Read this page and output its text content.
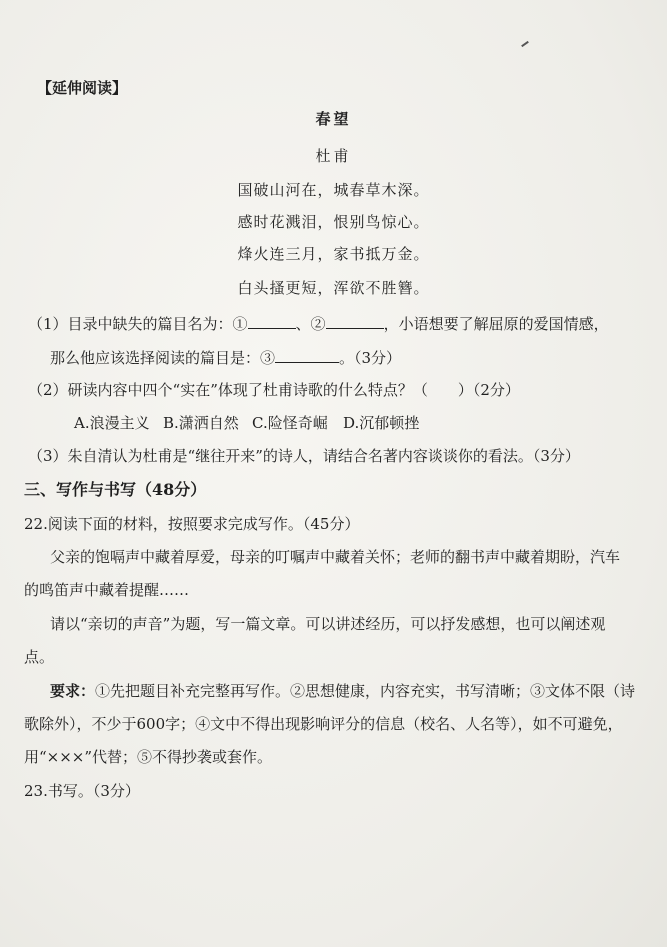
【延伸阅读】
春望
杜甫
国破山河在，城春草木深。
感时花溅泪，恨别鸟惊心。
烽火连三月，家书抵万金。
白头搔更短，浑欲不胜簪。
（1）目录中缺失的篇目名为：①	、②	，小语想要了解屈原的爱国情感，
那么他应该选择阅读的篇目是：③	。（3分）
（2）研读内容中四个“实在”体现了杜甫诗歌的什么特点？（　　）（2分）
A.浪漫主义 B.潇洒自然 C.险怪奇崛 D.沉郁顿挫
（3）朱自清认为杜甫是“继往开来”的诗人，请结合名著内容谈谈你的看法。（3分）
三、写作与书写（48分）
22.阅读下面的材料，按照要求完成写作。（45分）
父亲的饱嗝声中藏着厚爱，母亲的叮嘱声中藏着关怀；老师的翻书声中藏着期盼，汽车
的鸣笛声中藏着提醒……
请以“亲切的声音”为题，写一篇文章。可以讲述经历，可以抒发感想，也可以阐述观
点。
要求：①先把题目补充完整再写作。②思想健康，内容充实，书写清晰；③文体不限（诗
歌除外），不少于600字；④文中不得出现影响评分的信息（校名、人名等），如不可避免，
用“×××”代替；⑤不得抄袭或套作。
23.书写。（3分）
